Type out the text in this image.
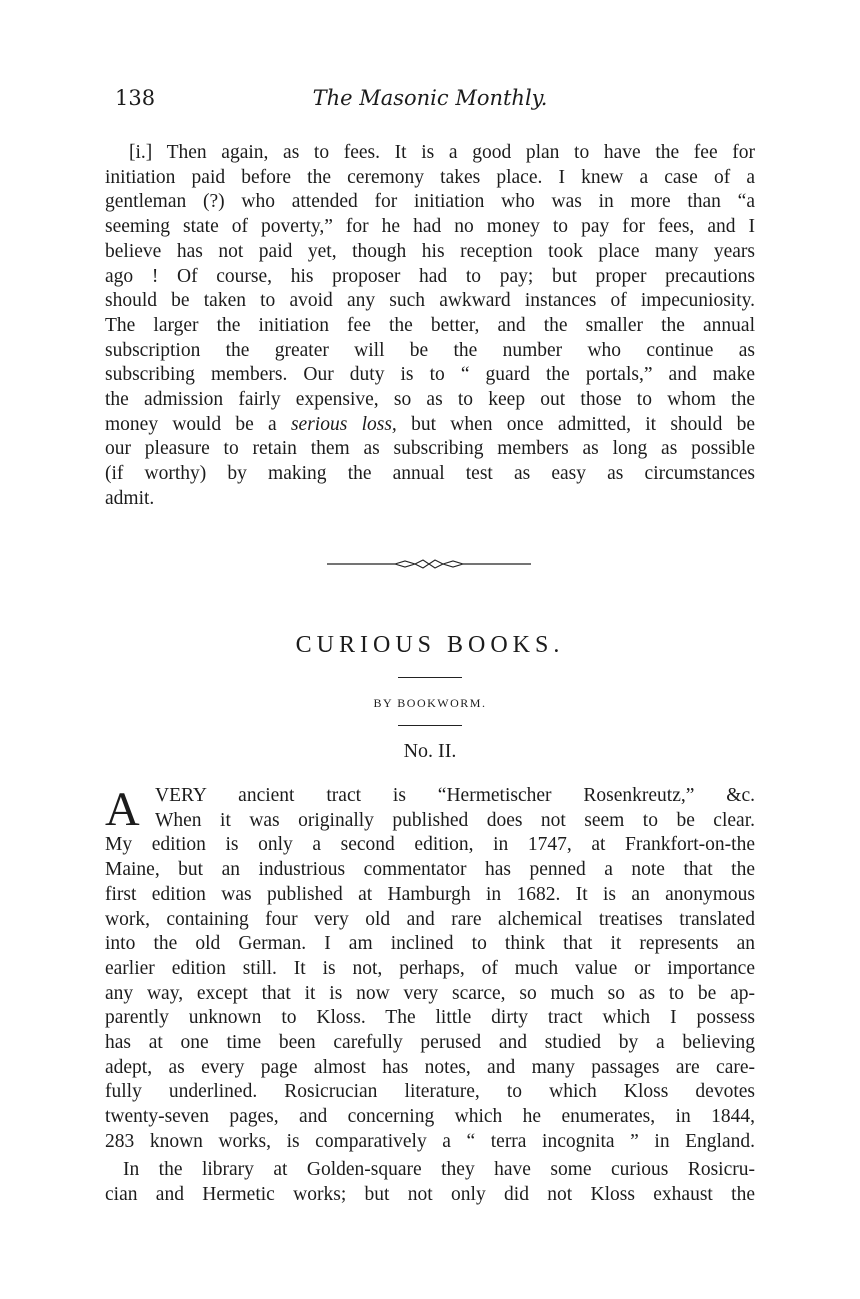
138	The Masonic Monthly.
[i.] Then again, as to fees. It is a good plan to have the fee for
initiation paid before the ceremony takes place. I knew a case of a
gentleman (?) who attended for initiation who was in more than “a
seeming state of poverty,” for he had no money to pay for fees, and I
believe has not paid yet, though his reception took place many years
ago ! Of course, his proposer had to pay; but proper precautions
should be taken to avoid any such awkward instances of impecuniosity.
The larger the initiation fee the better, and the smaller the annual
subscription the greater will be the number who continue as
subscribing members. Our duty is to “ guard the portals,” and make
the admission fairly expensive, so as to keep out those to whom the
money would be a serious loss, but when once admitted, it should be
our pleasure to retain them as subscribing members as long as possible
(if worthy) by making the annual test as easy as circumstances
admit.
CURIOUS BOOKS.
BY BOOKWORM.
No. II.
A VERY ancient tract is “Hermetischer Rosenkreutz,” &c.
When it was originally published does not seem to be clear.
My edition is only a second edition, in 1747, at Frankfort-on-the
Maine, but an industrious commentator has penned a note that the
first edition was published at Hamburgh in 1682. It is an anonymous
work, containing four very old and rare alchemical treatises translated
into the old German. I am inclined to think that it represents an
earlier edition still. It is not, perhaps, of much value or importance
any way, except that it is now very scarce, so much so as to be ap-
parently unknown to Kloss. The little dirty tract which I possess
has at one time been carefully perused and studied by a believing
adept, as every page almost has notes, and many passages are care-
fully underlined. Rosicrucian literature, to which Kloss devotes
twenty-seven pages, and concerning which he enumerates, in 1844,
283 known works, is comparatively a “ terra incognita ” in England.
In the library at Golden-square they have some curious Rosicru-
cian and Hermetic works; but not only did not Kloss exhaust the
